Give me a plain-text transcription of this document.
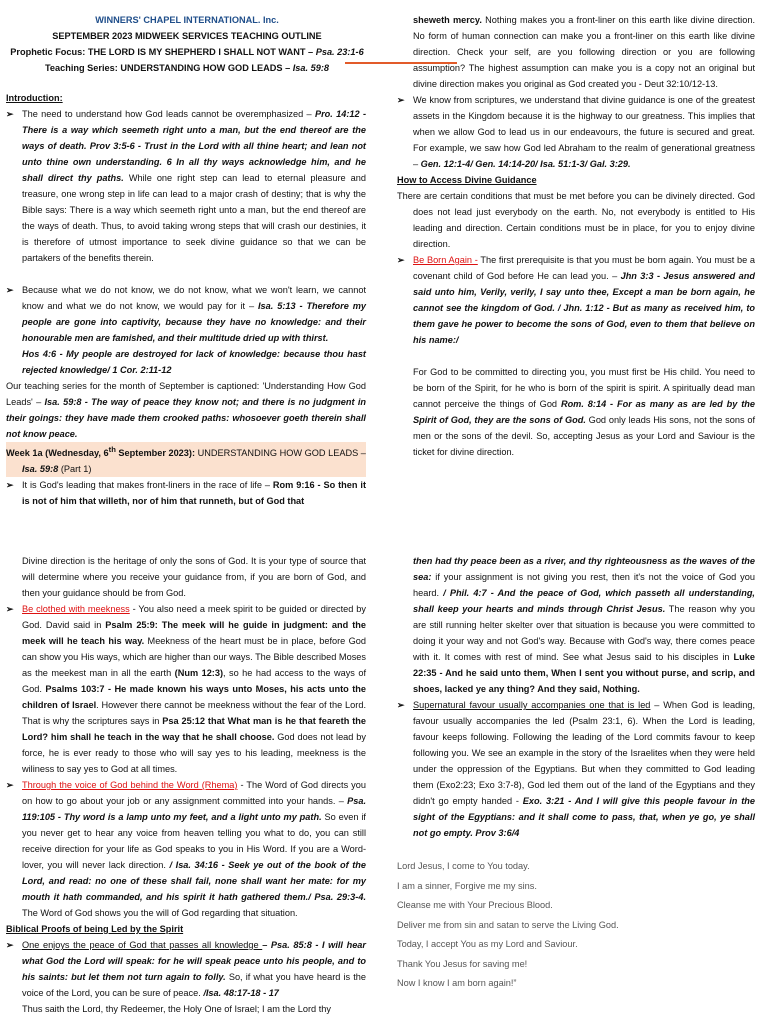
WINNERS' CHAPEL INTERNATIONAL. Inc.
SEPTEMBER 2023 MIDWEEK SERVICES TEACHING OUTLINE
Prophetic Focus: THE LORD IS MY SHEPHERD I SHALL NOT WANT – Psa. 23:1-6
Teaching Series: UNDERSTANDING HOW GOD LEADS – Isa. 59:8
Introduction:
➢ The need to understand how God leads cannot be overemphasized – Pro. 14:12 - There is a way which seemeth right unto a man, but the end thereof are the ways of death. Prov 3:5-6 - Trust in the Lord with all thine heart; and lean not unto thine own understanding. 6 In all thy ways acknowledge him, and he shall direct thy paths. While one right step can lead to eternal pleasure and treasure, one wrong step in life can lead to a major crash of destiny; that is why the Bible says: There is a way which seemeth right unto a man, but the end thereof are the ways of death. Thus, to avoid taking wrong steps that will crash our destinies, it is therefore of utmost importance to seek divine guidance so that we can be partakers of the benefits therein.

➢ Because what we do not know, we do not know, what we won't learn, we cannot know and what we do not know, we would pay for it – Isa. 5:13 - Therefore my people are gone into captivity, because they have no knowledge: and their honourable men are famished, and their multitude dried up with thirst.

Hos 4:6 - My people are destroyed for lack of knowledge: because thou hast rejected knowledge/ 1 Cor. 2:11-12

Our teaching series for the month of September is captioned: 'Understanding How God Leads' – Isa. 59:8 - The way of peace they know not; and there is no judgment in their goings: they have made them crooked paths: whosoever goeth therein shall not know peace.

Week 1a (Wednesday, 6th September 2023): UNDERSTANDING HOW GOD LEADS –
Isa. 59:8 (Part 1)
➢ It is God's leading that makes front-liners in the race of life – Rom 9:16 - So then it is not of him that willeth, nor of him that runneth, but of God that

sheweth mercy. Nothing makes you a front-liner on this earth like divine direction. No form of human connection can make you a front-liner on this earth like divine direction. Check your self, are you following direction or you are following assumption? The highest assumption can make you is a copy not an original but divine direction makes you original as God created you - Deut 32:10/12-13.

➢ We know from scriptures, we understand that divine guidance is one of the greatest assets in the Kingdom because it is the highway to our greatness. This implies that when we allow God to lead us in our endeavours, the future is secured and great. For example, we saw how God led Abraham to the realm of generational greatness – Gen. 12:1-4/ Gen. 14:14-20/ Isa. 51:1-3/ Gal. 3:29.

How to Access Divine Guidance

There are certain conditions that must be met before you can be divinely directed. God does not lead just everybody on the earth. No, not everybody is entitled to His leading and direction. Certain conditions must be in place, for you to enjoy divine direction.

➢ Be Born Again - The first prerequisite is that you must be born again. You must be a covenant child of God before He can lead you. – Jhn 3:3 - Jesus answered and said unto him, Verily, verily, I say unto thee, Except a man be born again, he cannot see the kingdom of God. / Jhn. 1:12 - But as many as received him, to them gave he power to become the sons of God, even to them that believe on his name:/

For God to be committed to directing you, you must first be His child. You need to be born of the Spirit, for he who is born of the spirit is spirit. A spiritually dead man cannot perceive the things of God Rom. 8:14 - For as many as are led by the Spirit of God, they are the sons of God. God only leads His sons, not the sons of men or the sons of the devil. So, accepting Jesus as your Lord and Saviour is the ticket for divine direction.

Divine direction is the heritage of only the sons of God. It is your type of source that will determine where you receive your guidance from, if you are born of God, and then your guidance should be from God.

➢ Be clothed with meekness - You also need a meek spirit to be guided or directed by God. David said in Psalm 25:9: The meek will he guide in judgment: and the meek will he teach his way. Meekness of the heart must be in place, before God can show you His ways, which are higher than our ways. The Bible described Moses as the meekest man in all the earth (Num 12:3), so he had access to the ways of God. Psalms 103:7 - He made known his ways unto Moses, his acts unto the children of Israel. However there cannot be meekness without the fear of the Lord. That is why the scriptures says in Psa 25:12 that What man is he that feareth the Lord? him shall he teach in the way that he shall choose. God does not lead by force, he is ever ready to those who will say yes to his leading, meekness is the wiliness to say yes to God at all times.

➢ Through the voice of God behind the Word (Rhema) - The Word of God directs you on how to go about your job or any assignment committed into your hands. – Psa. 119:105 - Thy word is a lamp unto my feet, and a light unto my path. So even if you never get to hear any voice from heaven telling you what to do, you can still receive direction for your life as God speaks to you in His Word. If you are a Word-lover, you will never lack direction. / Isa. 34:16 - Seek ye out of the book of the Lord, and read: no one of these shall fail, none shall want her mate: for my mouth it hath commanded, and his spirit it hath gathered them./ Psa. 29:3-4. The Word of God shows you the will of God regarding that situation.

Biblical Proofs of being Led by the Spirit
➢ One enjoys the peace of God that passes all knowledge – Psa. 85:8 - I will hear what God the Lord will speak: for he will speak peace unto his people, and to his saints: but let them not turn again to folly. So, if what you have heard is the voice of the Lord, you can be sure of peace. /Isa. 48:17-18 - 17

Thus saith the Lord, thy Redeemer, the Holy One of Israel; I am the Lord thy

then had thy peace been as a river, and thy righteousness as the waves of the sea: if your assignment is not giving you rest, then it's not the voice of God you heard. / Phil. 4:7 - And the peace of God, which passeth all understanding, shall keep your hearts and minds through Christ Jesus. The reason why you are still running helter skelter over that situation is because you were committed to doing it your way and not God's way. Because with God's way, there comes peace with it. It comes with rest of mind. See what Jesus said to his disciples in Luke 22:35 - And he said unto them, When I sent you without purse, and scrip, and shoes, lacked ye any thing? And they said, Nothing.

➢ Supernatural favour usually accompanies one that is led – When God is leading, favour usually accompanies the led (Psalm 23:1, 6). When the Lord is leading, favour keeps following. Following the leading of the Lord commits favour to keep following you. We see an example in the story of the Israelites when they were held under the oppression of the Egyptians. But when they committed to God leading them (Exo2:23; Exo 3:7-8), God led them out of the land of the Egyptians and they didn't go empty handed - Exo. 3:21 - And I will give this people favour in the sight of the Egyptians: and it shall come to pass, that, when ye go, ye shall not go empty. Prov 3:6/4

Lord Jesus, I come to You today.
I am a sinner, Forgive me my sins.
Cleanse me with Your Precious Blood.
Deliver me from sin and satan to serve the Living God.
Today, I accept You as my Lord and Saviour.
Thank You Jesus for saving me!
Now I know I am born again!”
